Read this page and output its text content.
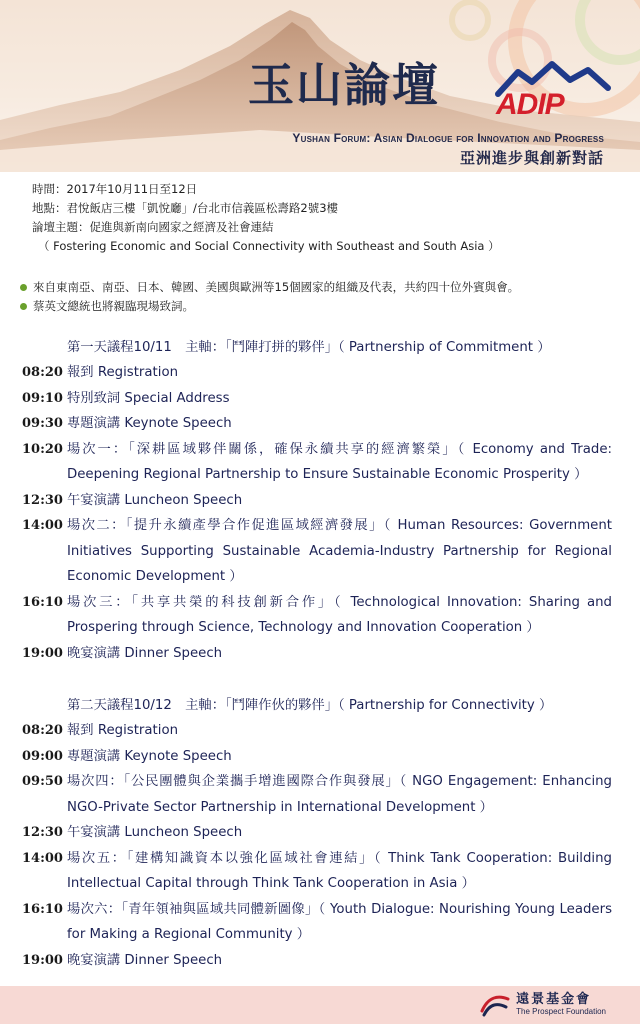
玉山論壇 ADIP
Yushan Forum: Asian Dialogue for Innovation and Progress
亞洲進步與創新對話
時間：2017年10月11日至12日
地點：君悅飯店三樓「凱悅廳」/台北市信義區松壽路2號3樓
論壇主題：促進與新南向國家之經濟及社會連結
（ Fostering Economic and Social Connectivity with Southeast and South Asia ）
來自東南亞、南亞、日本、韓國、美國與歐洲等15個國家的組織及代表，共約四十位外賓與會。
蔡英文總統也將親臨現場致詞。
第一天議程10/11　主軸：「鬥陣打拼的夥伴」（ Partnership of Commitment ）
08:20 報到 Registration
09:10 特別致詞 Special Address
09:30 專題演講 Keynote Speech
10:20 場次一：「深耕區域夥伴關係，確保永續共享的經濟繁榮」（ Economy and Trade: Deepening Regional Partnership to Ensure Sustainable Economic Prosperity ）
12:30 午宴演講 Luncheon Speech
14:00 場次二：「提升永續產學合作促進區域經濟發展」（ Human Resources: Government Initiatives Supporting Sustainable Academia-Industry Partnership for Regional Economic Development ）
16:10 場次三：「共享共榮的科技創新合作」（ Technological Innovation: Sharing and Prospering through Science, Technology and Innovation Cooperation ）
19:00 晚宴演講 Dinner Speech
第二天議程10/12　主軸：「鬥陣作伙的夥伴」（ Partnership for Connectivity ）
08:20 報到 Registration
09:00 專題演講 Keynote Speech
09:50 場次四：「公民團體與企業攜手增進國際合作與發展」（ NGO Engagement: Enhancing NGO-Private Sector Partnership in International Development ）
12:30 午宴演講 Luncheon Speech
14:00 場次五：「建構知識資本以強化區域社會連結」（ Think Tank Cooperation: Building Intellectual Capital through Think Tank Cooperation in Asia ）
16:10 場次六：「青年領袖與區域共同體新圖像」（ Youth Dialogue: Nourishing Young Leaders for Making a Regional Community ）
19:00 晚宴演講 Dinner Speech
遠景基金會
The Prospect Foundation
